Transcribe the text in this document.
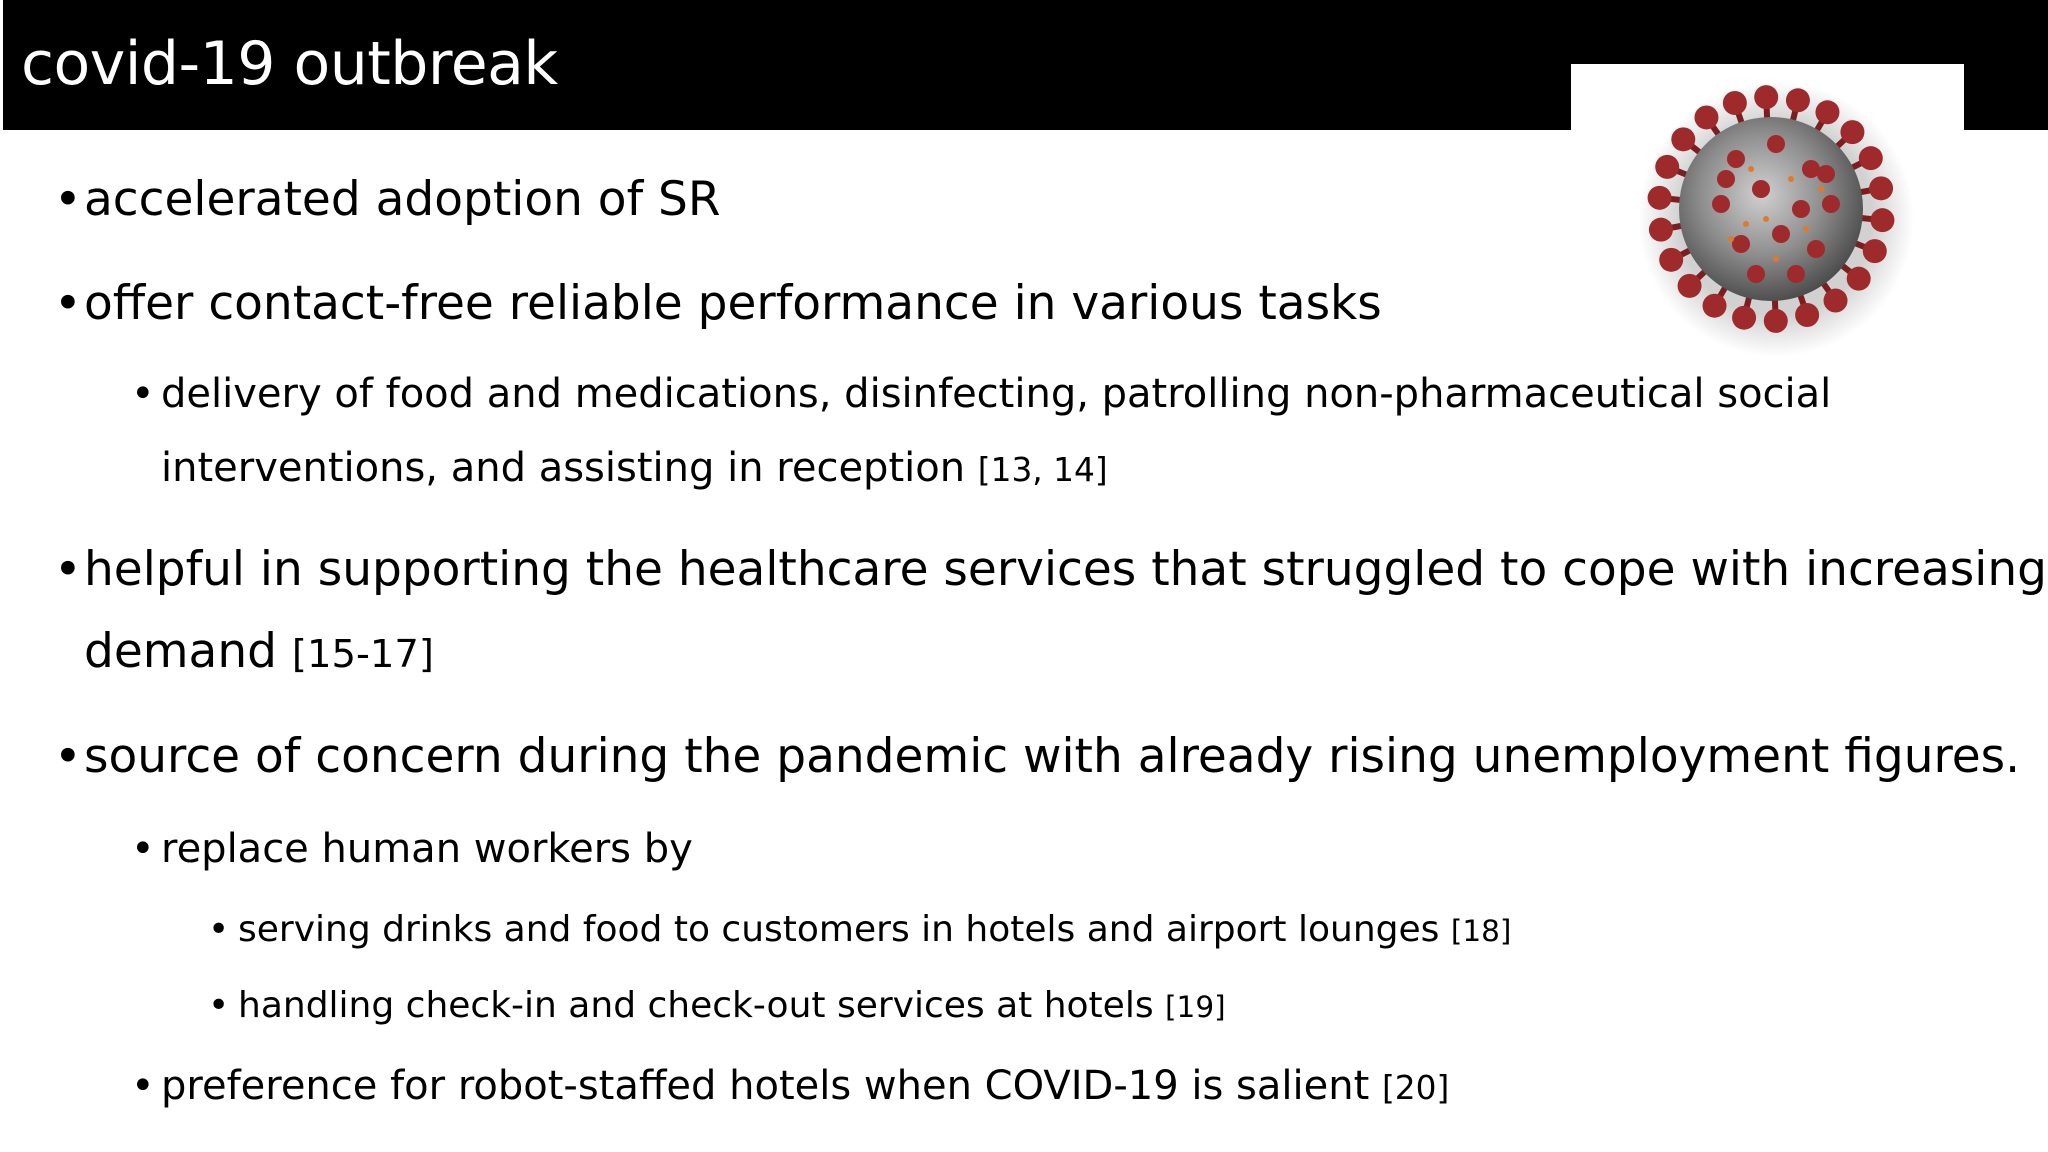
covid-19 outbreak
• accelerated adoption of SR
• offer contact-free reliable performance in various tasks
• delivery of food and medications, disinfecting, patrolling non-pharmaceutical social
interventions, and assisting in reception [13, 14]
• helpful in supporting the healthcare services that struggled to cope with increasing
demand [15-17]
• source of concern during the pandemic with already rising unemployment figures.
• replace human workers by
• serving drinks and food to customers in hotels and airport lounges [18]
• handling check-in and check-out services at hotels [19]
• preference for robot-staffed hotels when COVID-19 is salient [20]
